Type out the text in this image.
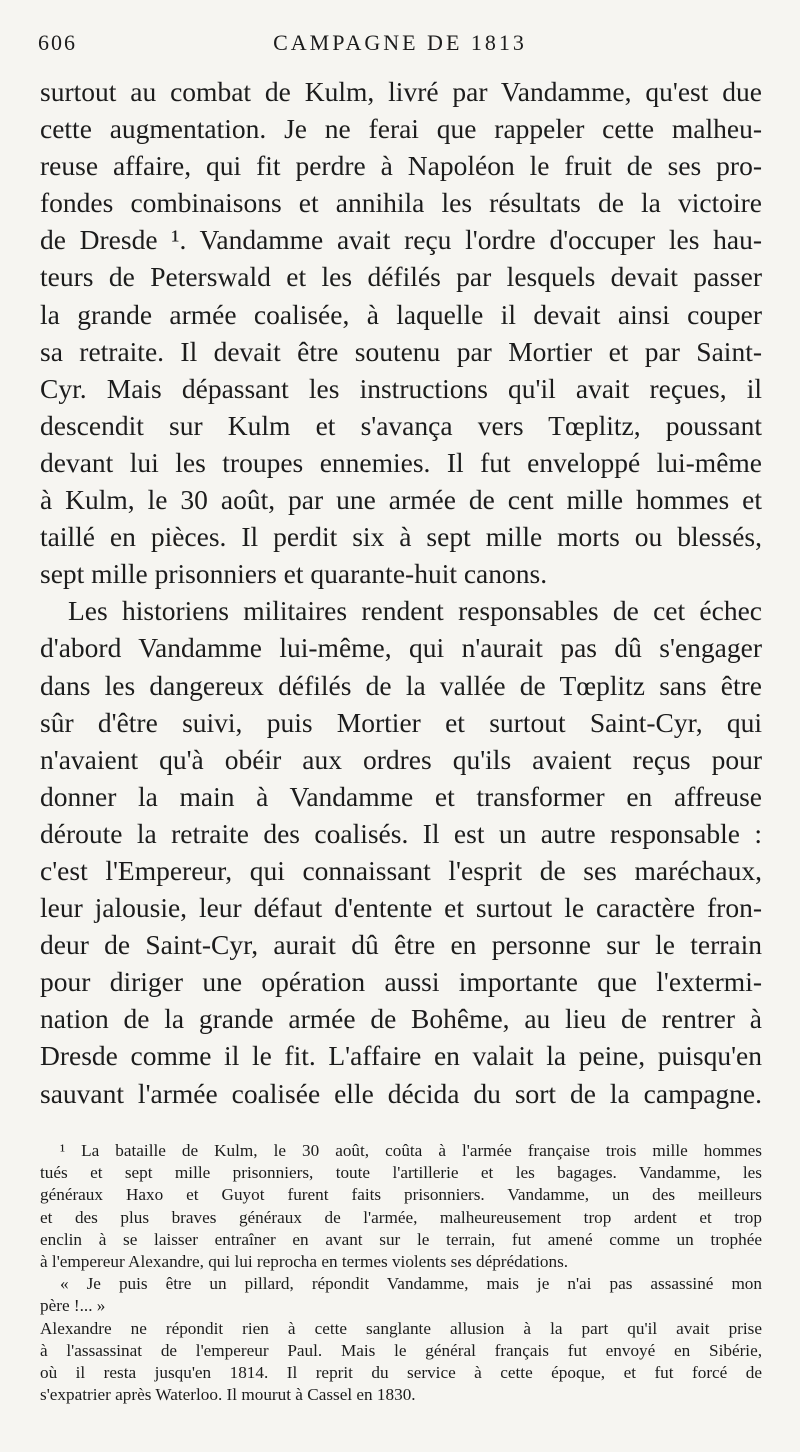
606	CAMPAGNE DE 1813
surtout au combat de Kulm, livré par Vandamme, qu'est due
cette augmentation. Je ne ferai que rappeler cette malheu-
reuse affaire, qui fit perdre à Napoléon le fruit de ses pro-
fondes combinaisons et annihila les résultats de la victoire
de Dresde ¹. Vandamme avait reçu l'ordre d'occuper les hau-
teurs de Peterswald et les défilés par lesquels devait passer
la grande armée coalisée, à laquelle il devait ainsi couper
sa retraite. Il devait être soutenu par Mortier et par Saint-
Cyr. Mais dépassant les instructions qu'il avait reçues, il
descendit sur Kulm et s'avança vers Tœplitz, poussant
devant lui les troupes ennemies. Il fut enveloppé lui-même
à Kulm, le 30 août, par une armée de cent mille hommes et
taillé en pièces. Il perdit six à sept mille morts ou blessés,
sept mille prisonniers et quarante-huit canons.
Les historiens militaires rendent responsables de cet échec
d'abord Vandamme lui-même, qui n'aurait pas dû s'engager
dans les dangereux défilés de la vallée de Tœplitz sans être
sûr d'être suivi, puis Mortier et surtout Saint-Cyr, qui
n'avaient qu'à obéir aux ordres qu'ils avaient reçus pour
donner la main à Vandamme et transformer en affreuse
déroute la retraite des coalisés. Il est un autre responsable :
c'est l'Empereur, qui connaissant l'esprit de ses maréchaux,
leur jalousie, leur défaut d'entente et surtout le caractère fron-
deur de Saint-Cyr, aurait dû être en personne sur le terrain
pour diriger une opération aussi importante que l'extermi-
nation de la grande armée de Bohême, au lieu de rentrer à
Dresde comme il le fit. L'affaire en valait la peine, puisqu'en
sauvant l'armée coalisée elle décida du sort de la campagne.
¹ La bataille de Kulm, le 30 août, coûta à l'armée française trois mille hommes
tués et sept mille prisonniers, toute l'artillerie et les bagages. Vandamme, les
généraux Haxo et Guyot furent faits prisonniers. Vandamme, un des meilleurs
et des plus braves généraux de l'armée, malheureusement trop ardent et trop
enclin à se laisser entraîner en avant sur le terrain, fut amené comme un trophée
à l'empereur Alexandre, qui lui reprocha en termes violents ses déprédations.
« Je puis être un pillard, répondit Vandamme, mais je n'ai pas assassiné mon
père !... »
Alexandre ne répondit rien à cette sanglante allusion à la part qu'il avait prise
à l'assassinat de l'empereur Paul. Mais le général français fut envoyé en Sibérie,
où il resta jusqu'en 1814. Il reprit du service à cette époque, et fut forcé de
s'expatrier après Waterloo. Il mourut à Cassel en 1830.
